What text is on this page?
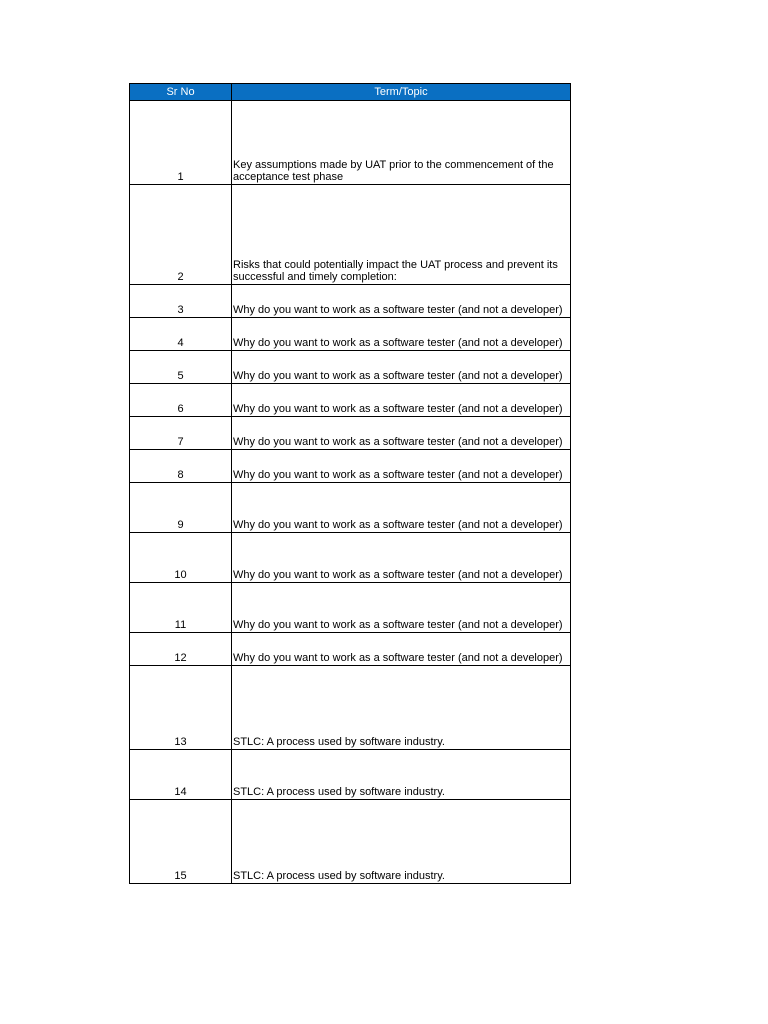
Sr No	Term/Topic
1	Key assumptions made by UAT prior to the commencement of the acceptance test phase
2	Risks that could potentially impact the UAT process and prevent its successful and timely completion:
3	Why do you want to work as a software tester (and not a developer)
4	Why do you want to work as a software tester (and not a developer)
5	Why do you want to work as a software tester (and not a developer)
6	Why do you want to work as a software tester (and not a developer)
7	Why do you want to work as a software tester (and not a developer)
8	Why do you want to work as a software tester (and not a developer)
9	Why do you want to work as a software tester (and not a developer)
10	Why do you want to work as a software tester (and not a developer)
11	Why do you want to work as a software tester (and not a developer)
12	Why do you want to work as a software tester (and not a developer)
13	STLC: A process used by software industry.
14	STLC: A process used by software industry.
15	STLC: A process used by software industry.
